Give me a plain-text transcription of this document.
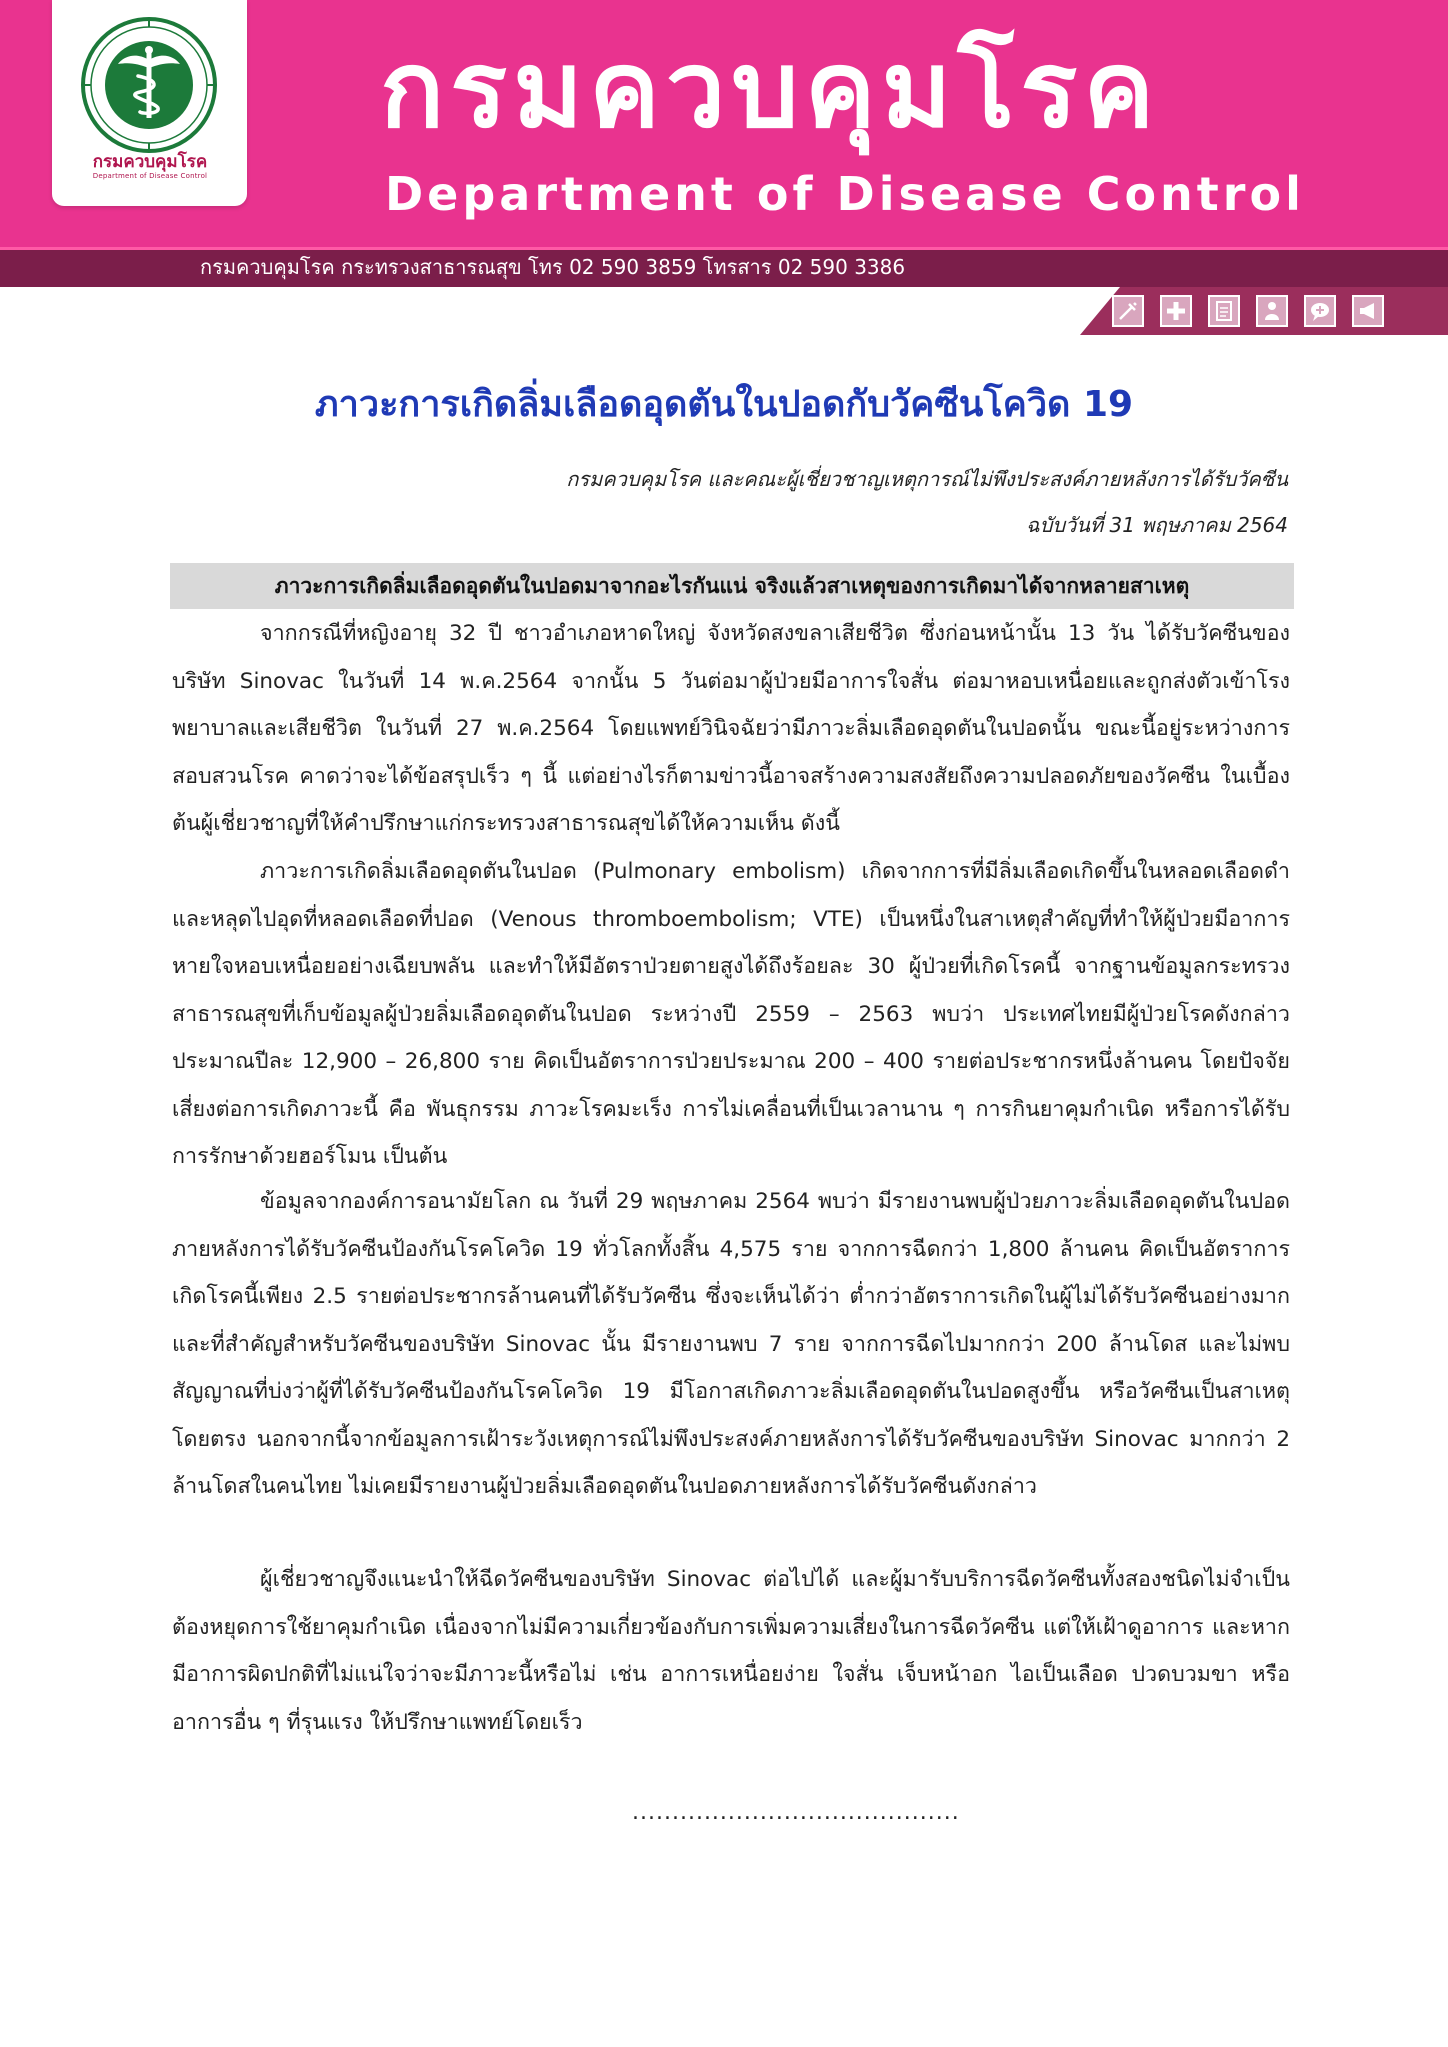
กรมควบคุมโรค
Department of Disease Control
กรมควบคุมโรค
Department of Disease Control
กรมควบคุมโรค กระทรวงสาธารณสุข โทร 02 590 3859 โทรสาร 02 590 3386
ภาวะการเกิดลิ่มเลือดอุดตันในปอดกับวัคซีนโควิด 19
กรมควบคุมโรค และคณะผู้เชี่ยวชาญเหตุการณ์ไม่พึงประสงค์ภายหลังการได้รับวัคซีน
ฉบับวันที่ 31 พฤษภาคม 2564
ภาวะการเกิดลิ่มเลือดอุดตันในปอดมาจากอะไรกันแน่ จริงแล้วสาเหตุของการเกิดมาได้จากหลายสาเหตุ
จากกรณีที่หญิงอายุ 32 ปี ชาวอำเภอหาดใหญ่ จังหวัดสงขลาเสียชีวิต ซึ่งก่อนหน้านั้น 13 วัน ได้รับวัคซีนของบริษัท Sinovac ในวันที่ 14 พ.ค.2564 จากนั้น 5 วันต่อมาผู้ป่วยมีอาการใจสั่น ต่อมาหอบเหนื่อยและถูกส่งตัวเข้าโรงพยาบาลและเสียชีวิต ในวันที่ 27 พ.ค.2564 โดยแพทย์วินิจฉัยว่ามีภาวะลิ่มเลือดอุดตันในปอดนั้น ขณะนี้อยู่ระหว่างการสอบสวนโรค คาดว่าจะได้ข้อสรุปเร็ว ๆ นี้ แต่อย่างไรก็ตามข่าวนี้อาจสร้างความสงสัยถึงความปลอดภัยของวัคซีน ในเบื้องต้นผู้เชี่ยวชาญที่ให้คำปรึกษาแก่กระทรวงสาธารณสุขได้ให้ความเห็น ดังนี้
ภาวะการเกิดลิ่มเลือดอุดตันในปอด (Pulmonary embolism) เกิดจากการที่มีลิ่มเลือดเกิดขึ้นในหลอดเลือดดำ และหลุดไปอุดที่หลอดเลือดที่ปอด (Venous thromboembolism; VTE) เป็นหนึ่งในสาเหตุสำคัญที่ทำให้ผู้ป่วยมีอาการหายใจหอบเหนื่อยอย่างเฉียบพลัน และทำให้มีอัตราป่วยตายสูงได้ถึงร้อยละ 30 ผู้ป่วยที่เกิดโรคนี้ จากฐานข้อมูลกระทรวงสาธารณสุขที่เก็บข้อมูลผู้ป่วยลิ่มเลือดอุดตันในปอด ระหว่างปี 2559 – 2563 พบว่า ประเทศไทยมีผู้ป่วยโรคดังกล่าวประมาณปีละ 12,900 – 26,800 ราย คิดเป็นอัตราการป่วยประมาณ 200 – 400 รายต่อประชากรหนึ่งล้านคน โดยปัจจัยเสี่ยงต่อการเกิดภาวะนี้ คือ พันธุกรรม ภาวะโรคมะเร็ง การไม่เคลื่อนที่เป็นเวลานาน ๆ การกินยาคุมกำเนิด หรือการได้รับการรักษาด้วยฮอร์โมน เป็นต้น
ข้อมูลจากองค์การอนามัยโลก ณ วันที่ 29 พฤษภาคม 2564 พบว่า มีรายงานพบผู้ป่วยภาวะลิ่มเลือดอุดตันในปอดภายหลังการได้รับวัคซีนป้องกันโรคโควิด 19 ทั่วโลกทั้งสิ้น 4,575 ราย จากการฉีดกว่า 1,800 ล้านคน คิดเป็นอัตราการเกิดโรคนี้เพียง 2.5 รายต่อประชากรล้านคนที่ได้รับวัคซีน ซึ่งจะเห็นได้ว่า ต่ำกว่าอัตราการเกิดในผู้ไม่ได้รับวัคซีนอย่างมาก และที่สำคัญสำหรับวัคซีนของบริษัท Sinovac นั้น มีรายงานพบ 7 ราย จากการฉีดไปมากกว่า 200 ล้านโดส และไม่พบสัญญาณที่บ่งว่าผู้ที่ได้รับวัคซีนป้องกันโรคโควิด 19 มีโอกาสเกิดภาวะลิ่มเลือดอุดตันในปอดสูงขึ้น หรือวัคซีนเป็นสาเหตุโดยตรง นอกจากนี้จากข้อมูลการเฝ้าระวังเหตุการณ์ไม่พึงประสงค์ภายหลังการได้รับวัคซีนของบริษัท Sinovac มากกว่า 2 ล้านโดสในคนไทย ไม่เคยมีรายงานผู้ป่วยลิ่มเลือดอุดตันในปอดภายหลังการได้รับวัคซีนดังกล่าว
ผู้เชี่ยวชาญจึงแนะนำให้ฉีดวัคซีนของบริษัท Sinovac ต่อไปได้ และผู้มารับบริการฉีดวัคซีนทั้งสองชนิดไม่จำเป็นต้องหยุดการใช้ยาคุมกำเนิด เนื่องจากไม่มีความเกี่ยวข้องกับการเพิ่มความเสี่ยงในการฉีดวัคซีน แต่ให้เฝ้าดูอาการ และหากมีอาการผิดปกติที่ไม่แน่ใจว่าจะมีภาวะนี้หรือไม่ เช่น อาการเหนื่อยง่าย ใจสั่น เจ็บหน้าอก ไอเป็นเลือด ปวดบวมขา หรืออาการอื่น ๆ ที่รุนแรง ให้ปรึกษาแพทย์โดยเร็ว
.........................................
